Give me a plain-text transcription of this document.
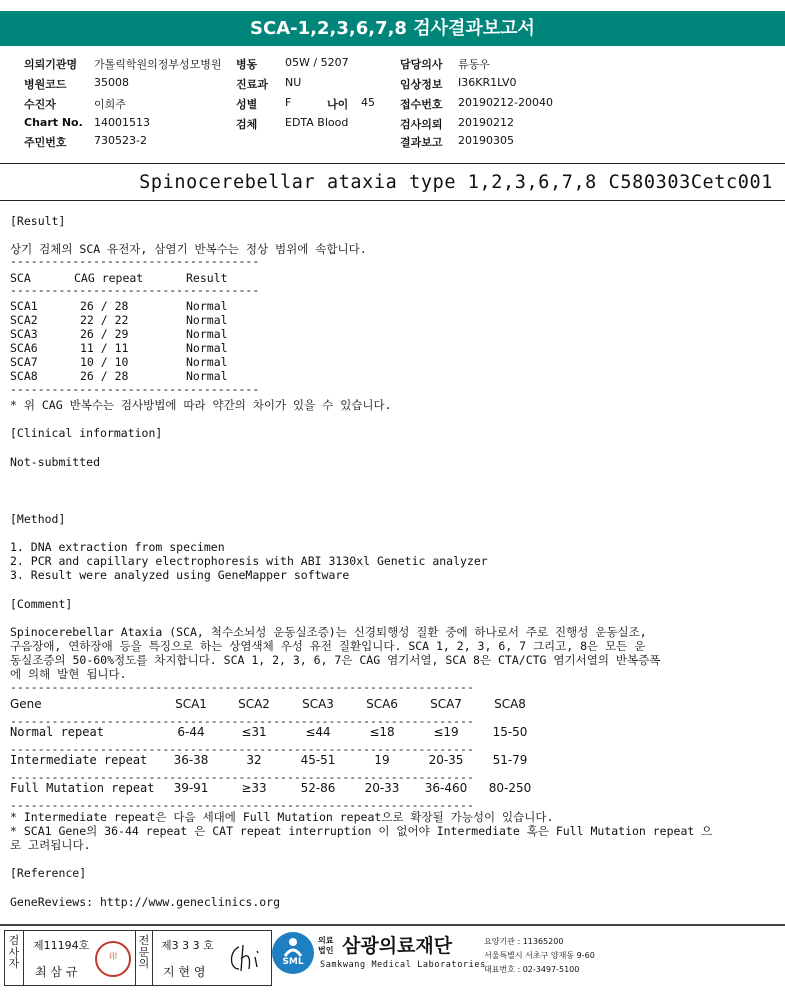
SCA-1,2,3,6,7,8 검사결과보고서
의뢰기관명 가톨릭학원의정부성모병원 병동	05W / 5207	담당의사 류동우
병원코드 35008	진료과 NU	임상정보 I36KR1LV0
수진자	이희주	성별	F	나이 45 접수번호 20190212-20040
Chart No. 14001513	검체	EDTA Blood	검사의뢰 20190212
주민번호 730523-2	결과보고 20190305
Spinocerebellar ataxia type 1,2,3,6,7,8 C580303Cetc001
[Result]
상기 검체의 SCA 유전자, 삼염기 반복수는 정상 범위에 속합니다.
------------------------------------
SCA	CAG repeat	Result
------------------------------------
SCA1	26 / 28	Normal
SCA2	22 / 22	Normal
SCA3	26 / 29	Normal
SCA6	11 / 11	Normal
SCA7	10 / 10	Normal
SCA8	26 / 28	Normal
------------------------------------
* 위 CAG 반복수는 검사방법에 따라 약간의 차이가 있을 수 있습니다.
[Clinical information]
Not-submitted
[Method]
1. DNA extraction from specimen
2. PCR and capillary electrophoresis with ABI 3130xl Genetic analyzer
3. Result were analyzed using GeneMapper software
[Comment]
Spinocerebellar Ataxia (SCA, 척수소뇌성 운동실조증)는 신경퇴행성 질환 중에 하나로서 주로 진행성 운동실조,
구음장애, 연하장애 등을 특징으로 하는 상염색체 우성 유전 질환입니다. SCA 1, 2, 3, 6, 7 그리고, 8은 모든 운
동실조증의 50-60%정도를 차지합니다. SCA 1, 2, 3, 6, 7은 CAG 염기서열, SCA 8은 CTA/CTG 염기서열의 반복증폭
에 의해 발현 됩니다.
-------------------------------------------------------------------
Gene	SCA1	SCA2	SCA3	SCA6	SCA7	SCA8
Normal repeat	6-44	≤31	≤44	≤18	≤19	15-50
Intermediate repeat	36-38	32	45-51	19	20-35	51-79
Full Mutation repeat	39-91	≥33	52-86	20-33	36-460	80-250
-------------------------------------------------------------------
-------------------------------------------------------------------
-------------------------------------------------------------------
-------------------------------------------------------------------
* Intermediate repeat은 다음 세대에 Full Mutation repeat으로 확장될 가능성이 있습니다.
* SCA1 Gene의 36-44 repeat 은 CAT repeat interruption 이 없어야 Intermediate 혹은 Full Mutation repeat 으
로 고려됩니다.
[Reference]
GeneReviews: http://www.geneclinics.org
검사자
제11194호
최 삼 규
印
전문의
제3 3 3 호
지 현 영
SML
의료법인 삼광의료재단
Samkwang Medical Laboratories
요양기관 : 11365200
서울특별시 서초구 양재동 9-60
대표번호 : 02-3497-5100
